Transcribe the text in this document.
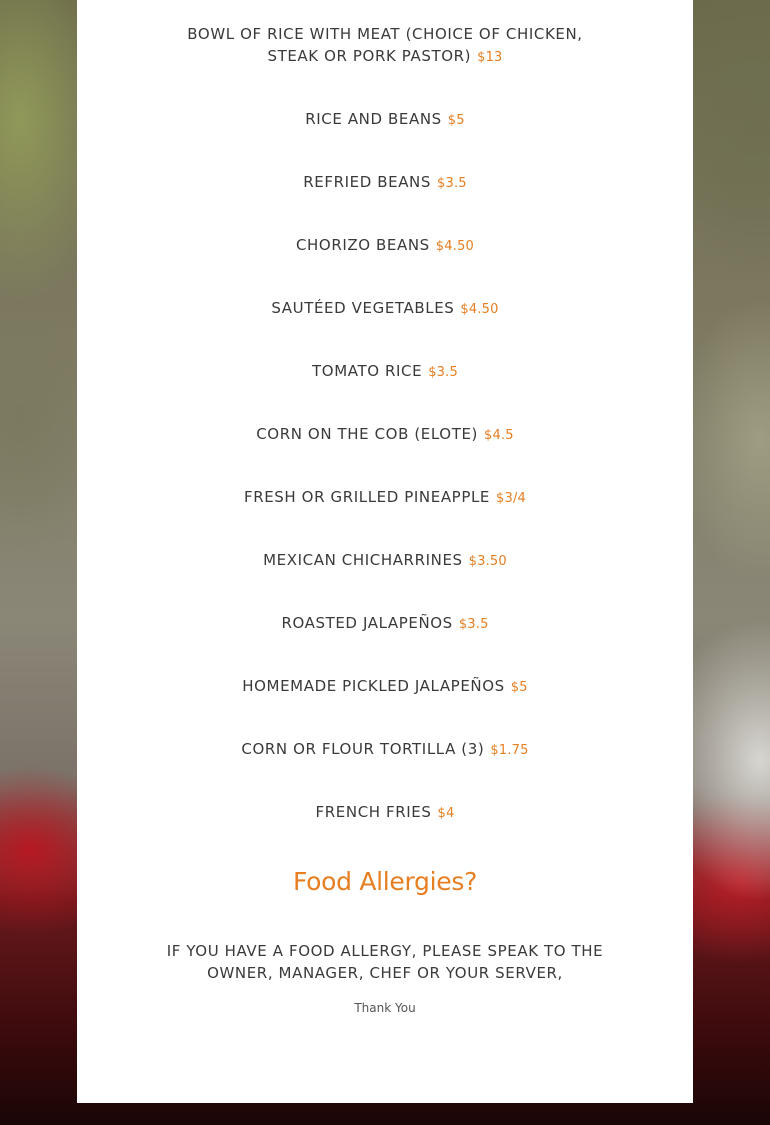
BOWL OF RICE WITH MEAT (CHOICE OF CHICKEN, STEAK OR PORK PASTOR) $13
RICE AND BEANS $5
REFRIED BEANS $3.5
CHORIZO BEANS $4.50
SAUTÉED VEGETABLES $4.50
TOMATO RICE $3.5
CORN ON THE COB (ELOTE) $4.5
FRESH OR GRILLED PINEAPPLE $3/4
MEXICAN CHICHARRINES $3.50
ROASTED JALAPEÑOS $3.5
HOMEMADE PICKLED JALAPEÑOS $5
CORN OR FLOUR TORTILLA (3) $1.75
FRENCH FRIES $4
Food Allergies?
IF YOU HAVE A FOOD ALLERGY, PLEASE SPEAK TO THE OWNER, MANAGER, CHEF OR YOUR SERVER,
Thank You
